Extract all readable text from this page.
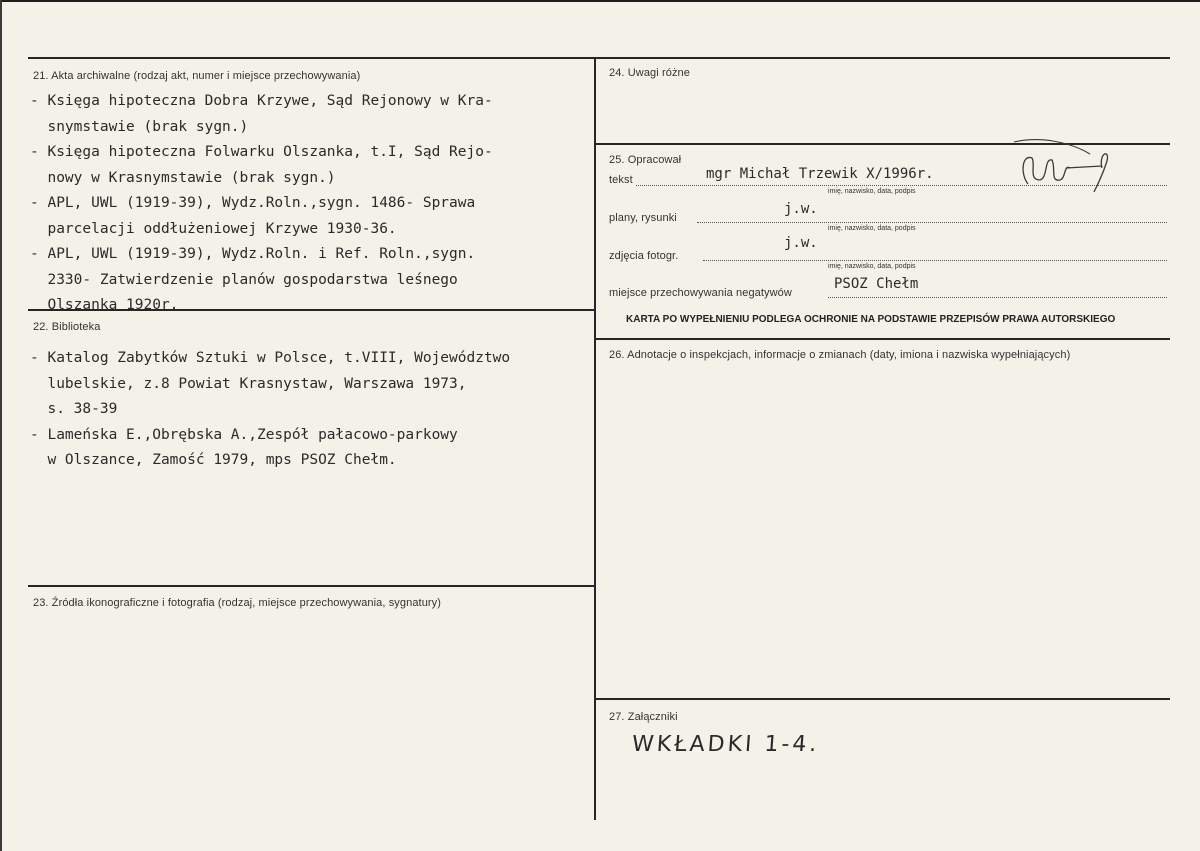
21. Akta archiwalne (rodzaj akt, numer i miejsce przechowywania)
- Księga hipoteczna Dobra Krzywe, Sąd Rejonowy w Kra-
snymstawie (brak sygn.)
- Księga hipoteczna Folwarku Olszanka, t.I, Sąd Rejo-
nowy w Krasnymstawie (brak sygn.)
- APL, UWL (1919-39), Wydz.Roln.,sygn. 1486- Sprawa
parcelacji oddłużeniowej Krzywe 1930-36.
- APL, UWL (1919-39), Wydz.Roln. i Ref. Roln.,sygn.
2330- Zatwierdzenie planów gospodarstwa leśnego
Olszanka 1920r.
22. Biblioteka
- Katalog Zabytków Sztuki w Polsce, t.VIII, Województwo
lubelskie, z.8 Powiat Krasnystaw, Warszawa 1973,
s. 38-39
- Lameńska E.,Obrębska A.,Zespół pałacowo-parkowy
w Olszance, Zamość 1979, mps PSOZ Chełm.
23. Źródła ikonograficzne i fotografia (rodzaj, miejsce przechowywania, sygnatury)
24. Uwagi różne
25. Opracował
tekst	mgr Michał Trzewik X/1996r.
imię, nazwisko, data, podpis
plany, rysunki
j.w.
imię, nazwisko, data, podpis
zdjęcia fotogr.
j.w.
imię, nazwisko, data, podpis
miejsce przechowywania negatywów
PSOZ Chełm
KARTA PO WYPEŁNIENIU PODLEGA OCHRONIE NA PODSTAWIE PRZEPISÓW PRAWA AUTORSKIEGO
26. Adnotacje o inspekcjach, informacje o zmianach (daty, imiona i nazwiska wypełniających)
27. Załączniki
WKŁADKI 1-4.
